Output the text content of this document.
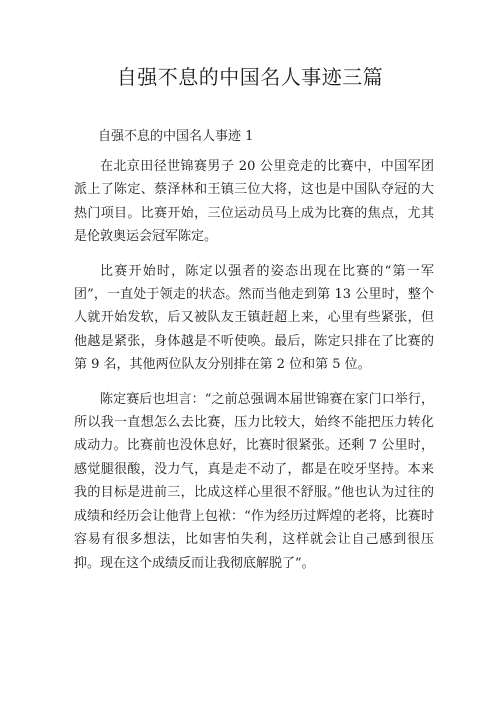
自强不息的中国名人事迹三篇

自强不息的中国名人事迹 1

在北京田径世锦赛男子 20 公里竞走的比赛中，中国军团派上了陈定、蔡泽林和王镇三位大将，这也是中国队夺冠的大热门项目。比赛开始，三位运动员马上成为比赛的焦点，尤其是伦敦奥运会冠军陈定。

比赛开始时，陈定以强者的姿态出现在比赛的“第一军团”，一直处于领走的状态。然而当他走到第 13 公里时，整个人就开始发软，后又被队友王镇赶超上来，心里有些紧张，但他越是紧张，身体越是不听使唤。最后，陈定只排在了比赛的第 9 名，其他两位队友分别排在第 2 位和第 5 位。

陈定赛后也坦言：“之前总强调本届世锦赛在家门口举行，所以我一直想怎么去比赛，压力比较大，始终不能把压力转化成动力。比赛前也没休息好，比赛时很紧张。还剩 7 公里时，感觉腿很酸，没力气，真是走不动了，都是在咬牙坚持。本来我的目标是进前三，比成这样心里很不舒服。”他也认为过往的成绩和经历会让他背上包袱：“作为经历过辉煌的老将，比赛时容易有很多想法，比如害怕失利，这样就会让自己感到很压抑。现在这个成绩反而让我彻底解脱了”。
